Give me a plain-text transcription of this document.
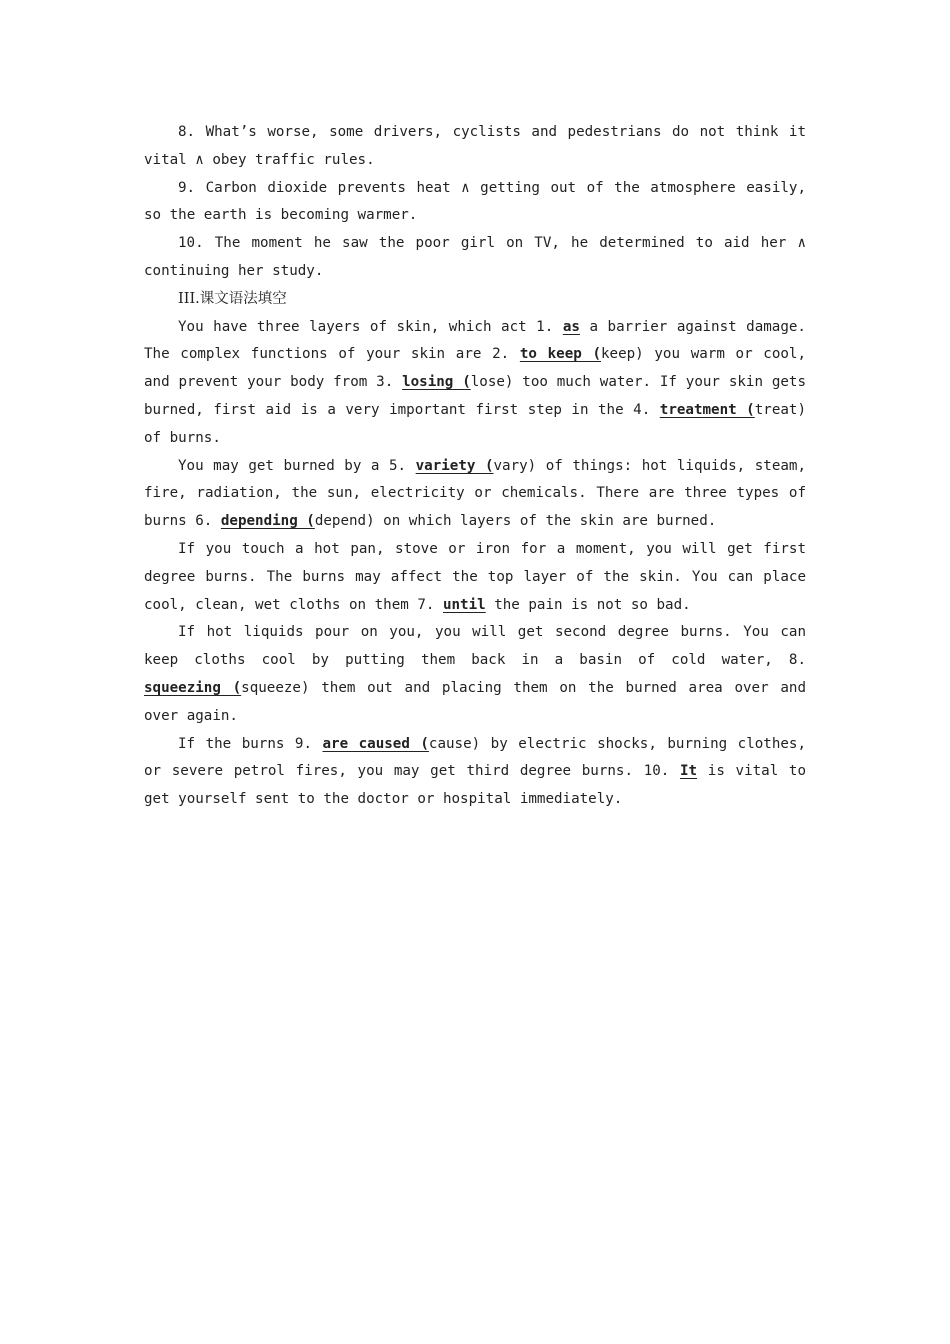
8. What’s worse, some drivers, cyclists and pedestrians do not think it vital ∧ obey traffic rules.

9. Carbon dioxide prevents heat ∧ getting out of the atmosphere easily, so the earth is becoming warmer.

10. The moment he saw the poor girl on TV, he determined to aid her ∧ continuing her study.

III.课文语法填空

You have three layers of skin, which act 1. as a barrier against damage. The complex functions of your skin are 2. to keep (keep) you warm or cool, and prevent your body from 3. losing (lose) too much water. If your skin gets burned, first aid is a very important first step in the 4. treatment (treat) of burns.

You may get burned by a 5. variety (vary) of things: hot liquids, steam, fire, radiation, the sun, electricity or chemicals. There are three types of burns 6. depending (depend) on which layers of the skin are burned.

If you touch a hot pan, stove or iron for a moment, you will get first degree burns. The burns may affect the top layer of the skin. You can place cool, clean, wet cloths on them 7. until the pain is not so bad.

If hot liquids pour on you, you will get second degree burns. You can keep cloths cool by putting them back in a basin of cold water, 8. squeezing (squeeze) them out and placing them on the burned area over and over again.

If the burns 9. are caused (cause) by electric shocks, burning clothes, or severe petrol fires, you may get third degree burns. 10. It is vital to get yourself sent to the doctor or hospital immediately.
